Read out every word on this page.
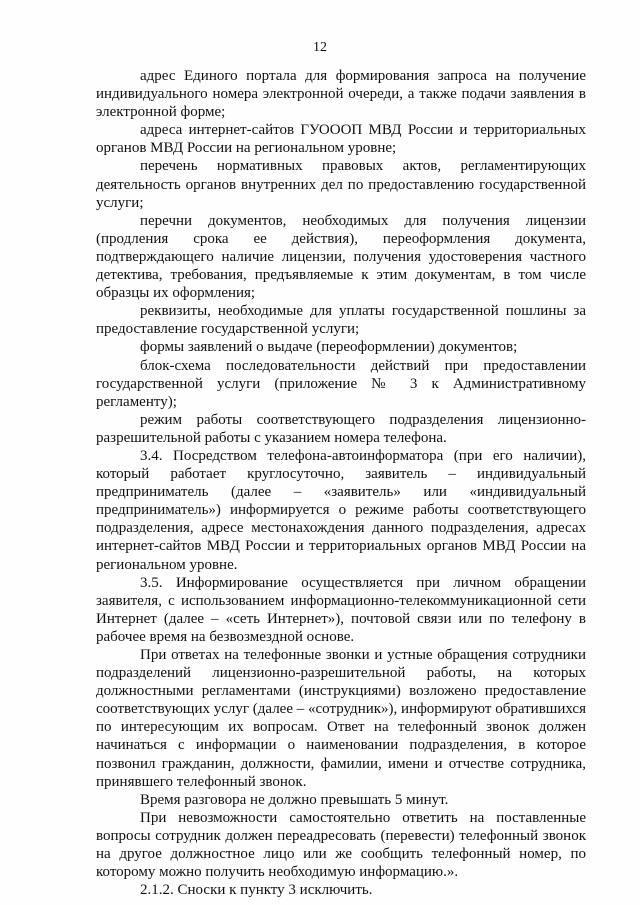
12

адрес Единого портала для формирования запроса на получение индивидуального номера электронной очереди, а также подачи заявления в электронной форме;

адреса интернет-сайтов ГУОООП МВД России и территориальных органов МВД России на региональном уровне;

перечень нормативных правовых актов, регламентирующих деятельность органов внутренних дел по предоставлению государственной услуги;

перечни документов, необходимых для получения лицензии (продления срока ее действия), переоформления документа, подтверждающего наличие лицензии, получения удостоверения частного детектива, требования, предъявляемые к этим документам, в том числе образцы их оформления;

реквизиты, необходимые для уплаты государственной пошлины за предоставление государственной услуги;

формы заявлений о выдаче (переоформлении) документов;

блок-схема последовательности действий при предоставлении государственной услуги (приложение № 3 к Административному регламенту);

режим работы соответствующего подразделения лицензионно-разрешительной работы с указанием номера телефона.

3.4. Посредством телефона-автоинформатора (при его наличии), который работает круглосуточно, заявитель – индивидуальный предприниматель (далее – «заявитель» или «индивидуальный предприниматель») информируется о режиме работы соответствующего подразделения, адресе местонахождения данного подразделения, адресах интернет-сайтов МВД России и территориальных органов МВД России на региональном уровне.

3.5. Информирование осуществляется при личном обращении заявителя, с использованием информационно-телекоммуникационной сети Интернет (далее – «сеть Интернет»), почтовой связи или по телефону в рабочее время на безвозмездной основе.

При ответах на телефонные звонки и устные обращения сотрудники подразделений лицензионно-разрешительной работы, на которых должностными регламентами (инструкциями) возложено предоставление соответствующих услуг (далее – «сотрудник»), информируют обратившихся по интересующим их вопросам. Ответ на телефонный звонок должен начинаться с информации о наименовании подразделения, в которое позвонил гражданин, должности, фамилии, имени и отчестве сотрудника, принявшего телефонный звонок.

Время разговора не должно превышать 5 минут.

При невозможности самостоятельно ответить на поставленные вопросы сотрудник должен переадресовать (перевести) телефонный звонок на другое должностное лицо или же сообщить телефонный номер, по которому можно получить необходимую информацию.».

2.1.2. Сноски к пункту 3 исключить.
